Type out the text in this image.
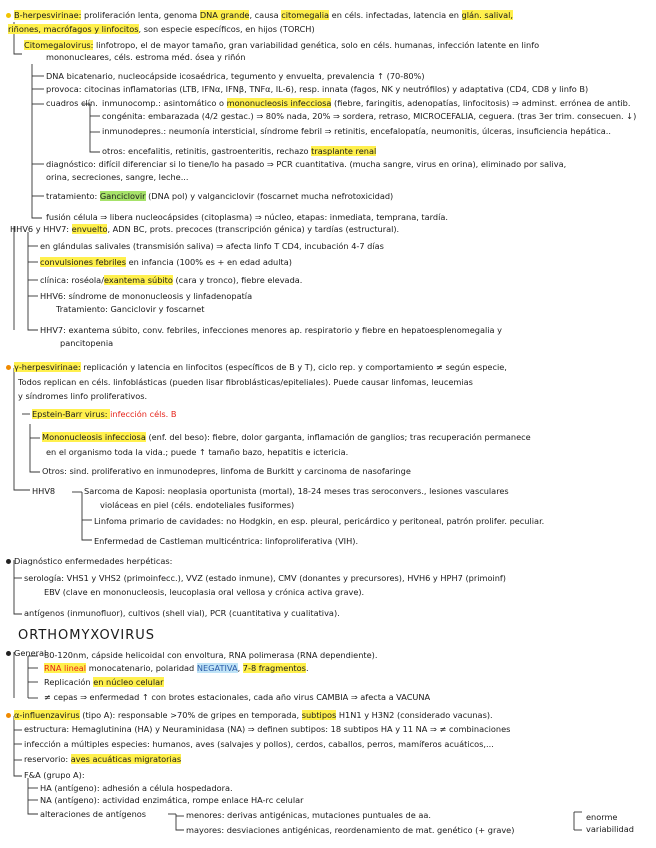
B-herpesvirinae: proliferación lenta, genoma DNA grande, causa citomegalia en céls. infectadas, latencia en glán. salival,
riñones, macrófagos y linfocitos, son especie específicos, en hijos (TORCH)
Citomegalovirus: linfotropo, el de mayor tamaño, gran variabilidad genética, solo en céls. humanas, infección latente en linfo
mononucleares, céls. estroma méd. ósea y riñón
DNA bicatenario, nucleocápside icosaédrica, tegumento y envuelta, prevalencia ↑ (70-80%)
provoca: citocinas inflamatorias (LTB, IFNα, IFNβ, TNFα, IL-6), resp. innata (fagos, NK y neutrófilos) y adaptativa (CD4, CD8 y linfo B)
cuadros clín. inmunocomp.: asintomático o mononucleosis infecciosa (fiebre, faringitis, adenopatías, linfocitosis) ⇒ adminst. errónea de antib.
congénita: embarazada (4/2 gestac.) ⇒ 80% nada, 20% ⇒ sordera, retraso, MICROCEFALIA, ceguera. (tras 3er trim. consecuen. ↓)
inmunodepres.: neumonía intersticial, síndrome febril ⇒ retinitis, encefalopatía, neumonitis, úlceras, insuficiencia hepática..
otros: encefalitis, retinitis, gastroenteritis, rechazo trasplante renal
diagnóstico: difícil diferenciar si lo tiene/lo ha pasado ⇒ PCR cuantitativa. (mucha sangre, virus en orina), eliminado por saliva,
orina, secreciones, sangre, leche...
tratamiento: Ganciclovir (DNA pol) y valganciclovir (foscarnet mucha nefrotoxicidad)
fusión célula ⇒ libera nucleocápsides (citoplasma) ⇒ núcleo, etapas: inmediata, temprana, tardía.
HHV6 y HHV7: envuelto, ADN BC, prots. precoces (transcripción génica) y tardías (estructural).
en glándulas salivales (transmisión saliva) ⇒ afecta linfo T CD4, incubación 4-7 días
convulsiones febriles en infancia (100% es + en edad adulta)
clínica: roséola/exantema súbito (cara y tronco), fiebre elevada.
HHV6: síndrome de mononucleosis y linfadenopatía
Tratamiento: Ganciclovir y foscarnet
HHV7: exantema súbito, conv. febriles, infecciones menores ap. respiratorio y fiebre en hepatoesplenomegalia y
pancitopenia
γ-herpesvirinae: replicación y latencia en linfocitos (específicos de B y T), ciclo rep. y comportamiento ≠ según especie,
Todos replican en céls. linfoblásticas (pueden lisar fibroblásticas/epiteliales). Puede causar linfomas, leucemias
y síndromes linfo proliferativos.
Epstein-Barr virus: infección céls. B
Mononucleosis infecciosa (enf. del beso): fiebre, dolor garganta, inflamación de ganglios; tras recuperación permanece
en el organismo toda la vida.; puede ↑ tamaño bazo, hepatitis e ictericia.
Otros: sind. proliferativo en inmunodepres, linfoma de Burkitt y carcinoma de nasofaringe
HHV8	Sarcoma de Kaposi: neoplasia oportunista (mortal), 18-24 meses tras seroconvers., lesiones vasculares
violáceas en piel (céls. endoteliales fusiformes)
Linfoma primario de cavidades: no Hodgkin, en esp. pleural, pericárdico y peritoneal, patrón prolifer. peculiar.
Enfermedad de Castleman multicéntrica: linfoproliferativa (VIH).
Diagnóstico enfermedades herpéticas:
serología: VHS1 y VHS2 (primoinfecc.), VVZ (estado inmune), CMV (donantes y precursores), HVH6 y HPH7 (primoinf)
EBV (clave en mononucleosis, leucoplasia oral vellosa y crónica activa grave).
antígenos (inmunofluor), cultivos (shell vial), PCR (cuantitativa y cualitativa).
ORTHOMYXOVIRUS
General
80-120nm, cápside helicoidal con envoltura, RNA polimerasa (RNA dependiente).
RNA lineal monocatenario, polaridad NEGATIVA, 7-8 fragmentos.
Replicación en núcleo celular
≠ cepas ⇒ enfermedad ↑ con brotes estacionales, cada año virus CAMBIA ⇒ afecta a VACUNA
α-influenzavirus (tipo A): responsable >70% de gripes en temporada, subtipos H1N1 y H3N2 (considerado vacunas).
estructura: Hemaglutinina (HA) y Neuraminidasa (NA) ⇒ definen subtipos: 18 subtipos HA y 11 NA ⇒ ≠ combinaciones
infección a múltiples especies: humanos, aves (salvajes y pollos), cerdos, caballos, perros, mamíferos acuáticos,...
reservorio: aves acuáticas migratorias
F&A (grupo A):
HA (antígeno): adhesión a célula hospedadora.
NA (antígeno): actividad enzimática, rompe enlace HA-rc celular
alteraciones de antígenos	menores: derivas antigénicas, mutaciones puntuales de aa.
mayores: desviaciones antigénicas, reordenamiento de mat. genético (+ grave)
enorme
variabilidad
